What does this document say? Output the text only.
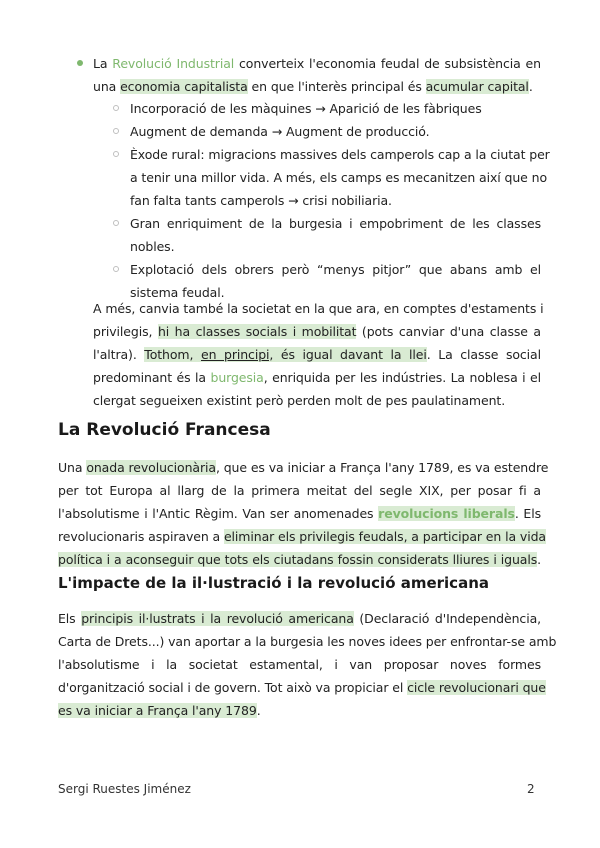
La Revolució Industrial converteix l'economia feudal de subsistència en
una economia capitalista en que l'interès principal és acumular capital.
Incorporació de les màquines → Aparició de les fàbriques
Augment de demanda → Augment de producció.
Èxode rural: migracions massives dels camperols cap a la ciutat per
a tenir una millor vida. A més, els camps es mecanitzen així que no
fan falta tants camperols → crisi nobiliaria.
Gran enriquiment de la burgesia i empobriment de les classes
nobles.
Explotació dels obrers però “menys pitjor” que abans amb el
sistema feudal.
A més, canvia també la societat en la que ara, en comptes d'estaments i
privilegis, hi ha classes socials i mobilitat (pots canviar d'una classe a
l'altra). Tothom, en principi, és igual davant la llei. La classe social
predominant és la burgesia, enriquida per les indústries. La noblesa i el
clergat segueixen existint però perden molt de pes paulatinament.
La Revolució Francesa
Una onada revolucionària, que es va iniciar a França l'any 1789, es va estendre
per tot Europa al llarg de la primera meitat del segle XIX, per posar fi a
l'absolutisme i l'Antic Règim. Van ser anomenades revolucions liberals. Els
revolucionaris aspiraven a eliminar els privilegis feudals, a participar en la vida
política i a aconseguir que tots els ciutadans fossin considerats lliures i iguals.
L'impacte de la il·lustració i la revolució americana
Els principis il·lustrats i la revolució americana (Declaració d'Independència,
Carta de Drets...) van aportar a la burgesia les noves idees per enfrontar-se amb
l'absolutisme i la societat estamental, i van proposar noves formes
d'organització social i de govern. Tot això va propiciar el cicle revolucionari que
es va iniciar a França l'any 1789.
Sergi Ruestes Jiménez	2
